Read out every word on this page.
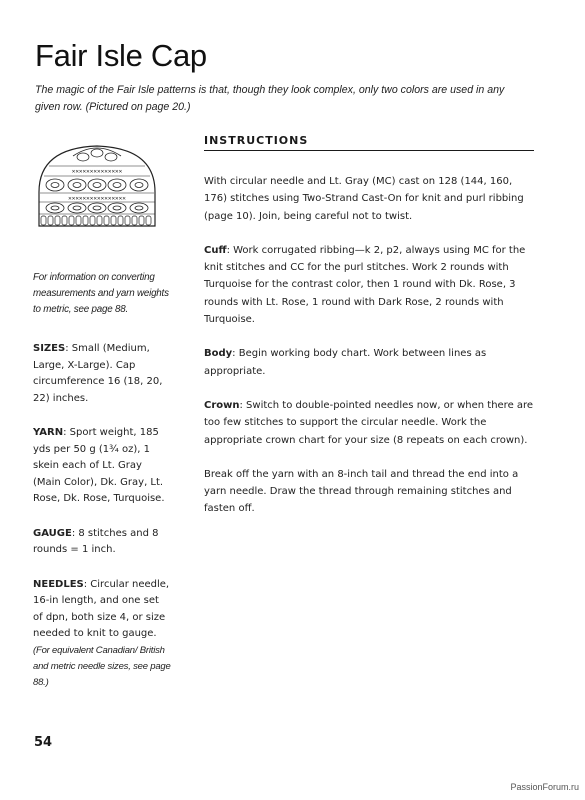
Fair Isle Cap
The magic of the Fair Isle patterns is that, though they look complex, only two colors are used in any given row. (Pictured on page 20.)
✕✕✕✕✕✕✕✕✕✕✕✕✕✕
✕✕✕✕✕✕✕✕✕✕✕✕✕✕✕✕
For information on converting measurements and yarn weights to metric, see page 88.
SIZES: Small (Medium, Large, X-Large). Cap circumference 16 (18, 20, 22) inches.
YARN: Sport weight, 185 yds per 50 g (1¾ oz), 1 skein each of Lt. Gray (Main Color), Dk. Gray, Lt. Rose, Dk. Rose, Turquoise.
GAUGE: 8 stitches and 8 rounds = 1 inch.
NEEDLES: Circular needle, 16-in length, and one set of dpn, both size 4, or size needed to knit to gauge.
(For equivalent Canadian/ British and metric needle sizes, see page 88.)
INSTRUCTIONS

With circular needle and Lt. Gray (MC) cast on 128 (144, 160, 176) stitches using Two-Strand Cast-On for knit and purl ribbing (page 10). Join, being careful not to twist.

Cuff: Work corrugated ribbing—k 2, p2, always using MC for the knit stitches and CC for the purl stitches. Work 2 rounds with Turquoise for the contrast color, then 1 round with Dk. Rose, 3 rounds with Lt. Rose, 1 round with Dark Rose, 2 rounds with Turquoise.

Body: Begin working body chart. Work between lines as appropriate.

Crown: Switch to double-pointed needles now, or when there are too few stitches to support the circular needle. Work the appropriate crown chart for your size (8 repeats on each crown).

Break off the yarn with an 8-inch tail and thread the end into a yarn needle. Draw the thread through remaining stitches and fasten off.

54
PassionForum.ru
